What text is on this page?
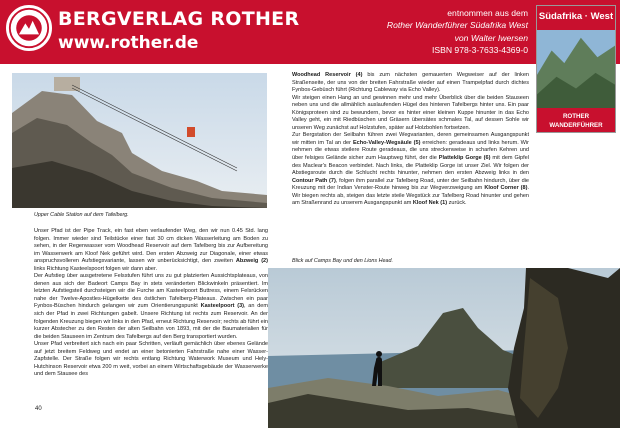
BERGVERLAG ROTHER
www.rother.de
entnommen aus dem
Rother Wanderführer Südafrika West
von Walter Iwersen
ISBN 978-3-7633-4369-0
Südafrika · West
ROTHER
WANDERFÜHRER
Upper Cable Station auf dem Tafelberg.

Unser Pfad ist der Pipe Track, ein fast eben verlaufender Weg, den wir nun 0.45 Std. lang folgen. Immer wieder sind Teilstücke einer fast 30 cm dicken Wasserleitung am Boden zu sehen, in der Regenwasser vom Woodhead Reservoir auf dem Tafelberg bis zur Aufbereitung im Wasserwerk am Kloof Nek geführt wird. Den ersten Abzweig zur Diagonale, einer etwas anspruchsvolleren Aufstiegsvariante, lassen wir unberücksichtigt, den zweiten Abzweig (2) links Richtung Kasteelspoort folgen wir dann aber.

Der Aufstieg über ausgetretene Felsstufen führt uns zu gut platzierten Aussichtsplateaus, von denen aus sich der Badeort Camps Bay in stets veränderten Blickwinkeln präsentiert. Im letzten Aufstiegsteil durchsteigen wir die Furche am Kasteelpoort Buttress, einem Felsrücken nahe der Twelve-Apostles-Hügelkette des östlichen Tafelberg-Plateaus. Zwischen ein paar Fynbos-Büschen hindurch gelangen wir zum Orientierungspunkt Kasteelpoort (3), an dem sich der Pfad in zwei Richtungen gabelt. Unsere Richtung ist rechts zum Reservoir. An der folgenden Kreuzung biegen wir links in den Pfad, erneut Richtung Reservoir; rechts ab führt ein kurzer Abstecher zu den Resten der alten Seilbahn von 1893, mit der die Baumaterialien für die beiden Stauseen im Zentrum des Tafelbergs auf den Berg transportiert wurden.

Unser Pfad verbreitert sich nach ein paar Schritten, verläuft gemächlich über ebenes Gelände auf jetzt breitem Feldweg und endet an einer betonierten Fahrstraße nahe einer Wasser-Zapfstelle. Der Straße folgen wir rechts entlang Richtung Waterwork Museum und Hely-Hutchinson Reservoir etwa 200 m weit, vorbei an einem Wirtschaftsgebäude der Wasserwerke und dem Stausee des

40

Woodhead Reservoir (4) bis zum nächsten gemauerten Wegweiser auf der linken Straßenseite, der uns von der breiten Fahrstraße wieder auf einen Trampelpfad durch dichtes Fynbos-Gebüsch führt (Richtung Cableway via Echo Valley).

Wir steigen einen Hang an und gewinnen mehr und mehr Überblick über die beiden Stauseen neben uns und die allmählich auslaufenden Hügel des hinteren Tafelbergs hinter uns. Ein paar Königsproteen sind zu bewundern, bevor es hinter einer kleinen Kuppe hinunter in das Echo Valley geht, ein mit Riedbüschen und Gräsern übersätes schmales Tal, auf dessen Sohle wir unseren Weg zunächst auf Holzstufen, später auf Holzbohlen fortsetzen.

Zur Bergstation der Seilbahn führen zwei Wegvarianten, deren gemeinsamen Ausgangspunkt wir mitten im Tal an der Echo-Valley-Wegsäule (5) erreichen: geradeaus und links herum. Wir nehmen die etwas steilere Route geradeaus, die uns streckenweise in scharfen Kehren und über felsiges Gelände sicher zum Hauptweg führt, der die Platteklip Gorge (6) mit dem Gipfel des Maclear's Beacon verbindet. Nach links, die Platteklip Gorge ist unser Ziel. Wir folgen der Abstiegsroute durch die Schlucht rechts hinunter, nehmen den ersten Abzweig links in den Contour Path (7), folgen ihm parallel zur Tafelberg Road, unter der Seilbahn hindurch, über die Kreuzung mit der Indian Venster-Route hinweg bis zur Wegverzweigung am Kloof Corner (8). Wir biegen rechts ab, steigen das letzte steile Wegstück zur Tafelberg Road hinunter und gehen am Straßenrand zu unserem Ausgangspunkt am Kloof Nek (1) zurück.

Blick auf Camps Bay und den Lions Head.
